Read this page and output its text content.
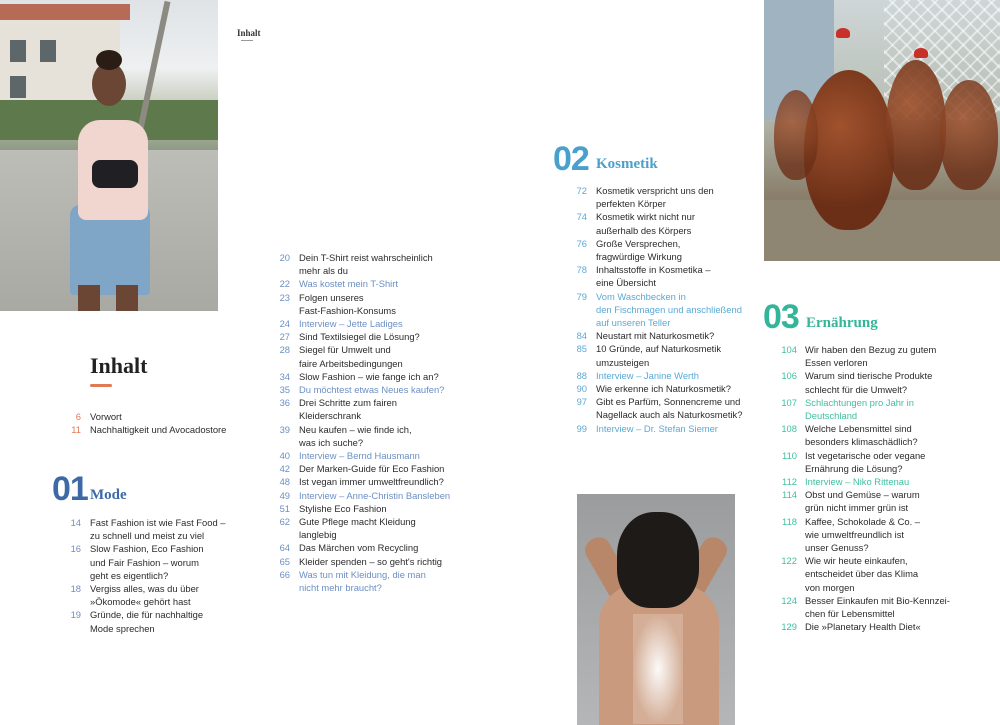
Inhalt
Inhalt
6 Vorwort
11 Nachhaltigkeit und Avocadostore
01 Mode
14 Fast Fashion ist wie Fast Food –
zu schnell und meist zu viel
16 Slow Fashion, Eco Fashion
und Fair Fashion – worum
geht es eigentlich?
18 Vergiss alles, was du über
»Ökomode« gehört hast
19 Gründe, die für nachhaltige
Mode sprechen
20 Dein T-Shirt reist wahrscheinlich
mehr als du
22 Was kostet mein T-Shirt
23 Folgen unseres
Fast-Fashion-Konsums
24 Interview – Jette Ladiges
27 Sind Textilsiegel die Lösung?
28 Siegel für Umwelt und
faire Arbeitsbedingungen
34 Slow Fashion – wie fange ich an?
35 Du möchtest etwas Neues kaufen?
36 Drei Schritte zum fairen
Kleiderschrank
39 Neu kaufen – wie finde ich,
was ich suche?
40 Interview – Bernd Hausmann
42 Der Marken-Guide für Eco Fashion
48 Ist vegan immer umweltfreundlich?
49 Interview – Anne-Christin Bansleben
51 Stylishe Eco Fashion
62 Gute Pflege macht Kleidung
langlebig
64 Das Märchen vom Recycling
65 Kleider spenden – so geht's richtig
66 Was tun mit Kleidung, die man
nicht mehr braucht?
02 Kosmetik
72 Kosmetik verspricht uns den
perfekten Körper
74 Kosmetik wirkt nicht nur
außerhalb des Körpers
76 Große Versprechen,
fragwürdige Wirkung
78 Inhaltsstoffe in Kosmetika –
eine Übersicht
79 Vom Waschbecken in
den Fischmagen und anschließend
auf unseren Teller
84 Neustart mit Naturkosmetik?
85 10 Gründe, auf Naturkosmetik
umzusteigen
88 Interview – Janine Werth
90 Wie erkenne ich Naturkosmetik?
97 Gibt es Parfüm, Sonnencreme und
Nagellack auch als Naturkosmetik?
99 Interview – Dr. Stefan Siemer
03 Ernährung
104 Wir haben den Bezug zu gutem
Essen verloren
106 Warum sind tierische Produkte
schlecht für die Umwelt?
107 Schlachtungen pro Jahr in
Deutschland
108 Welche Lebensmittel sind
besonders klimaschädlich?
110 Ist vegetarische oder vegane
Ernährung die Lösung?
112 Interview – Niko Rittenau
114 Obst und Gemüse – warum
grün nicht immer grün ist
118 Kaffee, Schokolade & Co. –
wie umweltfreundlich ist
unser Genuss?
122 Wie wir heute einkaufen,
entscheidet über das Klima
von morgen
124 Besser Einkaufen mit Bio-Kennzei-
chen für Lebensmittel
129 Die »Planetary Health Diet«
